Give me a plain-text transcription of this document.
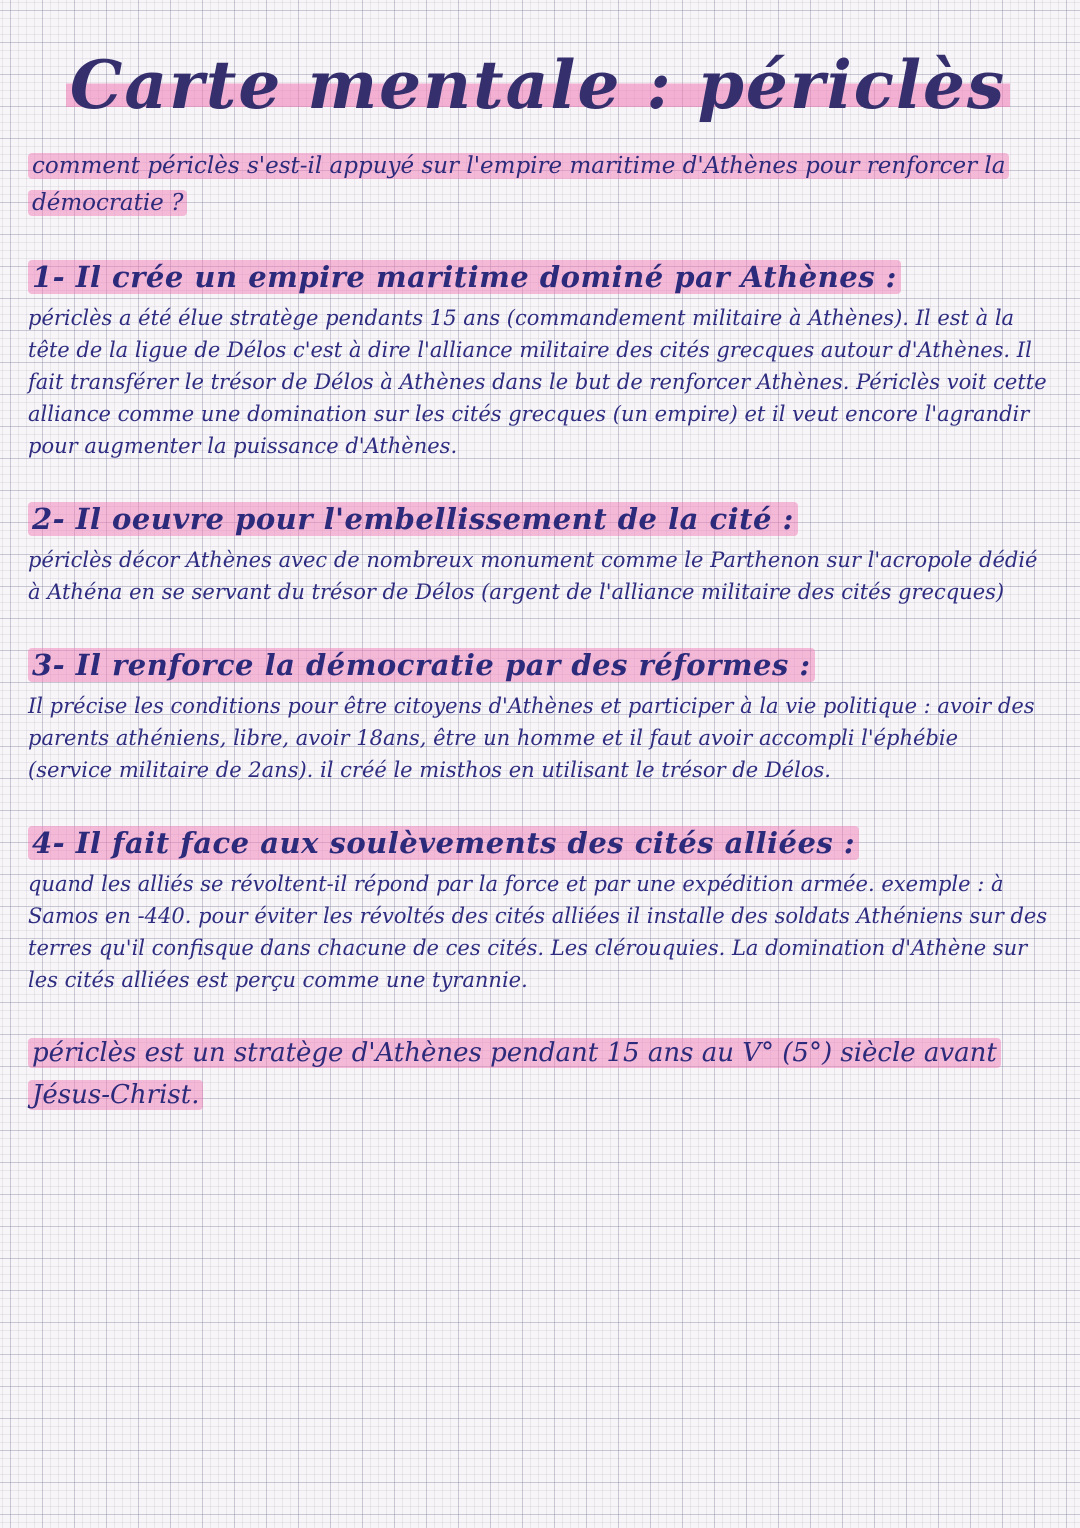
Carte mentale : périclès

comment périclès s'est-il appuyé sur l'empire maritime d'Athènes pour renforcer la démocratie ?

1- Il crée un empire maritime dominé par Athènes :

périclès a été élue stratège pendants 15 ans (commandement militaire à Athènes). Il est à la tête de la ligue de Délos c'est à dire l'alliance militaire des cités grecques autour d'Athènes. Il fait transférer le trésor de Délos à Athènes dans le but de renforcer Athènes. Périclès voit cette alliance comme une domination sur les cités grecques (un empire) et il veut encore l'agrandir pour augmenter la puissance d'Athènes.

2- Il oeuvre pour l'embellissement de la cité :

périclès décor Athènes avec de nombreux monument comme le Parthenon sur l'acropole dédié à Athéna en se servant du trésor de Délos (argent de l'alliance militaire des cités grecques)

3- Il renforce la démocratie par des réformes :

Il précise les conditions pour être citoyens d'Athènes et participer à la vie politique : avoir des parents athéniens, libre, avoir 18ans, être un homme et il faut avoir accompli l'éphébie (service militaire de 2ans). il créé le misthos en utilisant le trésor de Délos.

4- Il fait face aux soulèvements des cités alliées :

quand les alliés se révoltent-il répond par la force et par une expédition armée. exemple : à Samos en -440. pour éviter les révoltés des cités alliées il installe des soldats Athéniens sur des terres qu'il confisque dans chacune de ces cités. Les clérouquies. La domination d'Athène sur les cités alliées est perçu comme une tyrannie.

périclès est un stratège d'Athènes pendant 15 ans au V° (5°) siècle avant Jésus-Christ.
